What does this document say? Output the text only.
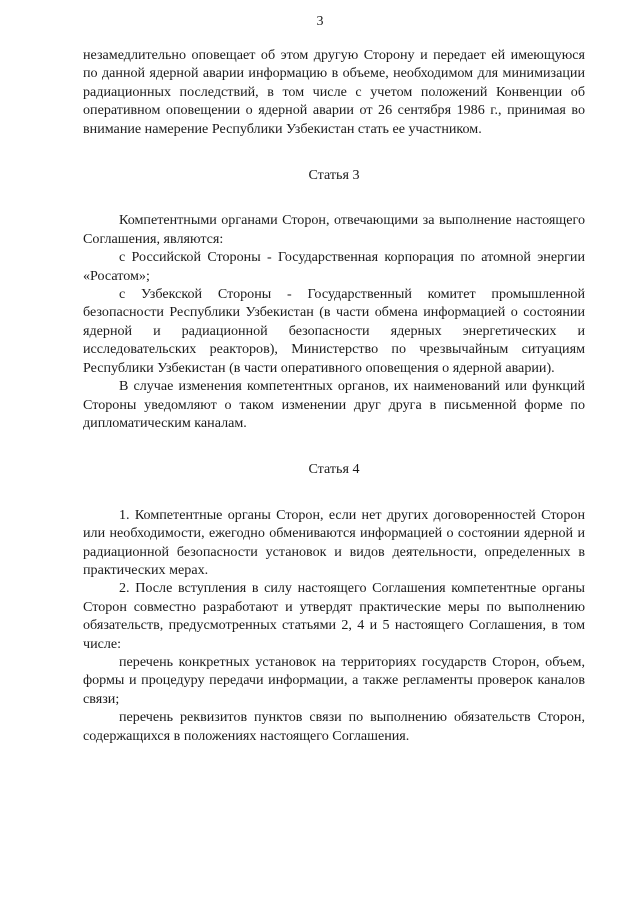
3

незамедлительно оповещает об этом другую Сторону и передает ей имеющуюся по данной ядерной аварии информацию в объеме, необходимом для минимизации радиационных последствий, в том числе с учетом положений Конвенции об оперативном оповещении о ядерной аварии от 26 сентября 1986 г., принимая во внимание намерение Республики Узбекистан стать ее участником.

Статья 3

Компетентными органами Сторон, отвечающими за выполнение настоящего Соглашения, являются:

с Российской Стороны - Государственная корпорация по атомной энергии «Росатом»;

с Узбекской Стороны - Государственный комитет промышленной безопасности Республики Узбекистан (в части обмена информацией о состоянии ядерной и радиационной безопасности ядерных энергетических и исследовательских реакторов), Министерство по чрезвычайным ситуациям Республики Узбекистан (в части оперативного оповещения о ядерной аварии).

В случае изменения компетентных органов, их наименований или функций Стороны уведомляют о таком изменении друг друга в письменной форме по дипломатическим каналам.

Статья 4

1. Компетентные органы Сторон, если нет других договоренностей Сторон или необходимости, ежегодно обмениваются информацией о состоянии ядерной и радиационной безопасности установок и видов деятельности, определенных в практических мерах.

2. После вступления в силу настоящего Соглашения компетентные органы Сторон совместно разработают и утвердят практические меры по выполнению обязательств, предусмотренных статьями 2, 4 и 5 настоящего Соглашения, в том числе:

перечень конкретных установок на территориях государств Сторон, объем, формы и процедуру передачи информации, а также регламенты проверок каналов связи;

перечень реквизитов пунктов связи по выполнению обязательств Сторон, содержащихся в положениях настоящего Соглашения.
